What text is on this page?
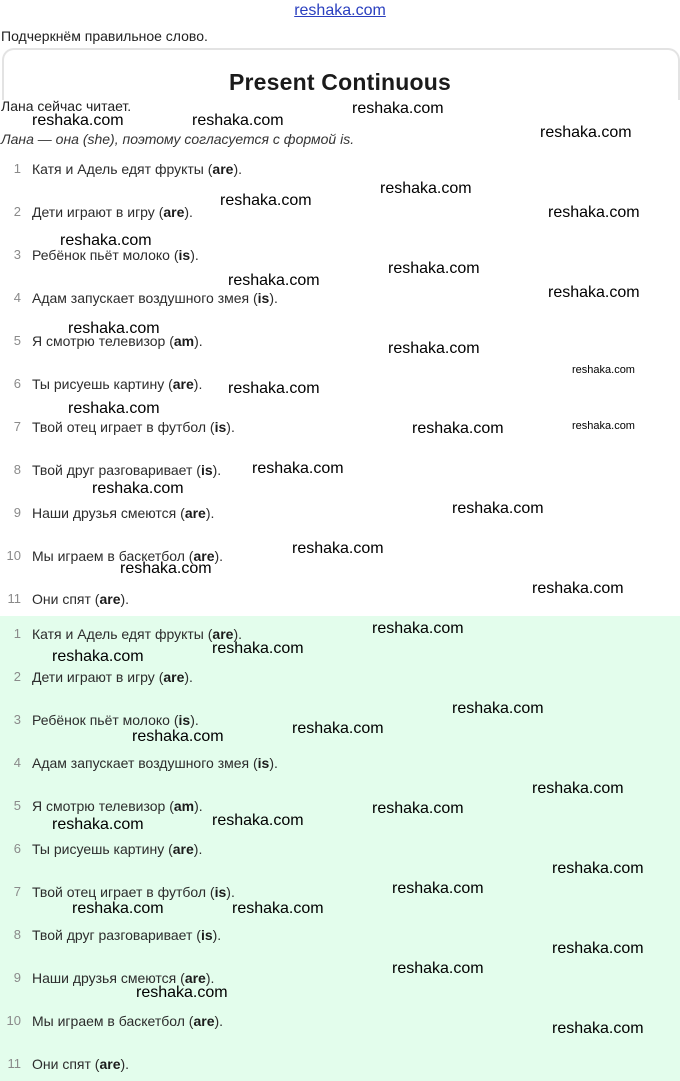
reshaka.com
Подчеркнём правильное слово.
Present Continuous
Лана сейчас читает.
Лана — она (she), поэтому согласуется с формой is.
1 Катя и Адель едят фрукты (are).
2 Дети играют в игру (are).
3 Ребёнок пьёт молоко (is).
4 Адам запускает воздушного змея (is).
5 Я смотрю телевизор (am).
6 Ты рисуешь картину (are).
7 Твой отец играет в футбол (is).
8 Твой друг разговаривает (is).
9 Наши друзья смеются (are).
10 Мы играем в баскетбол (are).
11 Они спят (are).
1 Катя и Адель едят фрукты (are).
2 Дети играют в игру (are).
3 Ребёнок пьёт молоко (is).
4 Адам запускает воздушного змея (is).
5 Я смотрю телевизор (am).
6 Ты рисуешь картину (are).
7 Твой отец играет в футбол (is).
8 Твой друг разговаривает (is).
9 Наши друзья смеются (are).
10 Мы играем в баскетбол (are).
11 Они спят (are).
reshaka.com	reshaka.com
reshaka.com
reshaka.com
reshaka.com
reshaka.com
reshaka.com
reshaka.com
reshaka.com
reshaka.com
reshaka.com
reshaka.com
reshaka.com
reshaka.com
reshaka.com
reshaka.com
reshaka.com	reshaka.com
reshaka.com
reshaka.com
reshaka.com
reshaka.com
reshaka.com
reshaka.com
reshaka.com
reshaka.com
reshaka.com
reshaka.com
reshaka.com
reshaka.com
reshaka.com
reshaka.com
reshaka.com
reshaka.com
reshaka.com
reshaka.com
reshaka.com
reshaka.com
reshaka.com
reshaka.com
reshaka.com
reshaka.com
